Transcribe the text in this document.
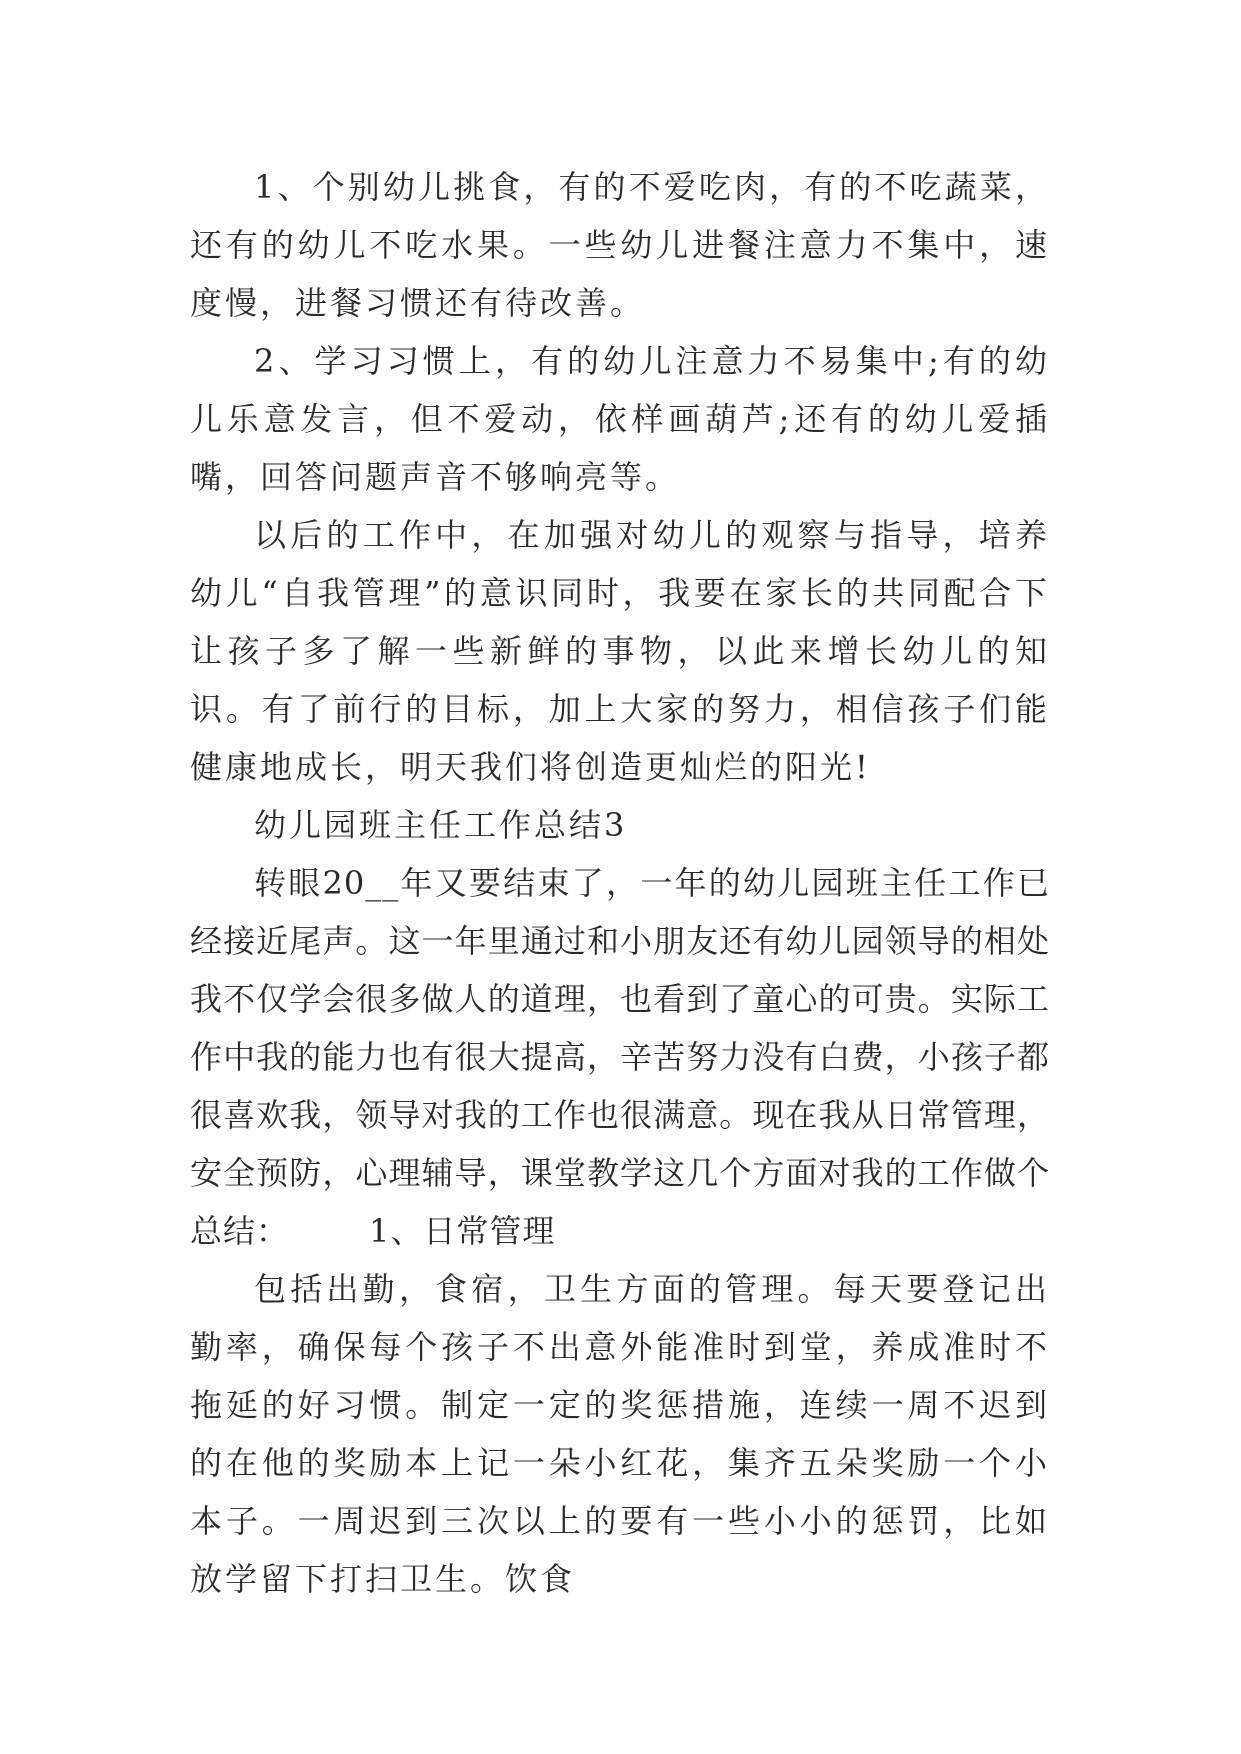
1、个别幼儿挑食，有的不爱吃肉，有的不吃蔬菜，还有的幼儿不吃水果。一些幼儿进餐注意力不集中，速度慢，进餐习惯还有待改善。

2、学习习惯上，有的幼儿注意力不易集中;有的幼儿乐意发言，但不爱动，依样画葫芦;还有的幼儿爱插嘴，回答问题声音不够响亮等。

以后的工作中，在加强对幼儿的观察与指导，培养幼儿“自我管理”的意识同时，我要在家长的共同配合下让孩子多了解一些新鲜的事物，以此来增长幼儿的知识。有了前行的目标，加上大家的努力，相信孩子们能健康地成长，明天我们将创造更灿烂的阳光!

幼儿园班主任工作总结3

转眼20__年又要结束了，一年的幼儿园班主任工作已经接近尾声。这一年里通过和小朋友还有幼儿园领导的相处我不仅学会很多做人的道理，也看到了童心的可贵。实际工作中我的能力也有很大提高，辛苦努力没有白费，小孩子都很喜欢我，领导对我的工作也很满意。现在我从日常管理，安全预防，心理辅导，课堂教学这几个方面对我的工作做个总结：	1、日常管理

包括出勤，食宿，卫生方面的管理。每天要登记出勤率，确保每个孩子不出意外能准时到堂，养成准时不拖延的好习惯。制定一定的奖惩措施，连续一周不迟到的在他的奖励本上记一朵小红花，集齐五朵奖励一个小本子。一周迟到三次以上的要有一些小小的惩罚，比如放学留下打扫卫生。饮食
